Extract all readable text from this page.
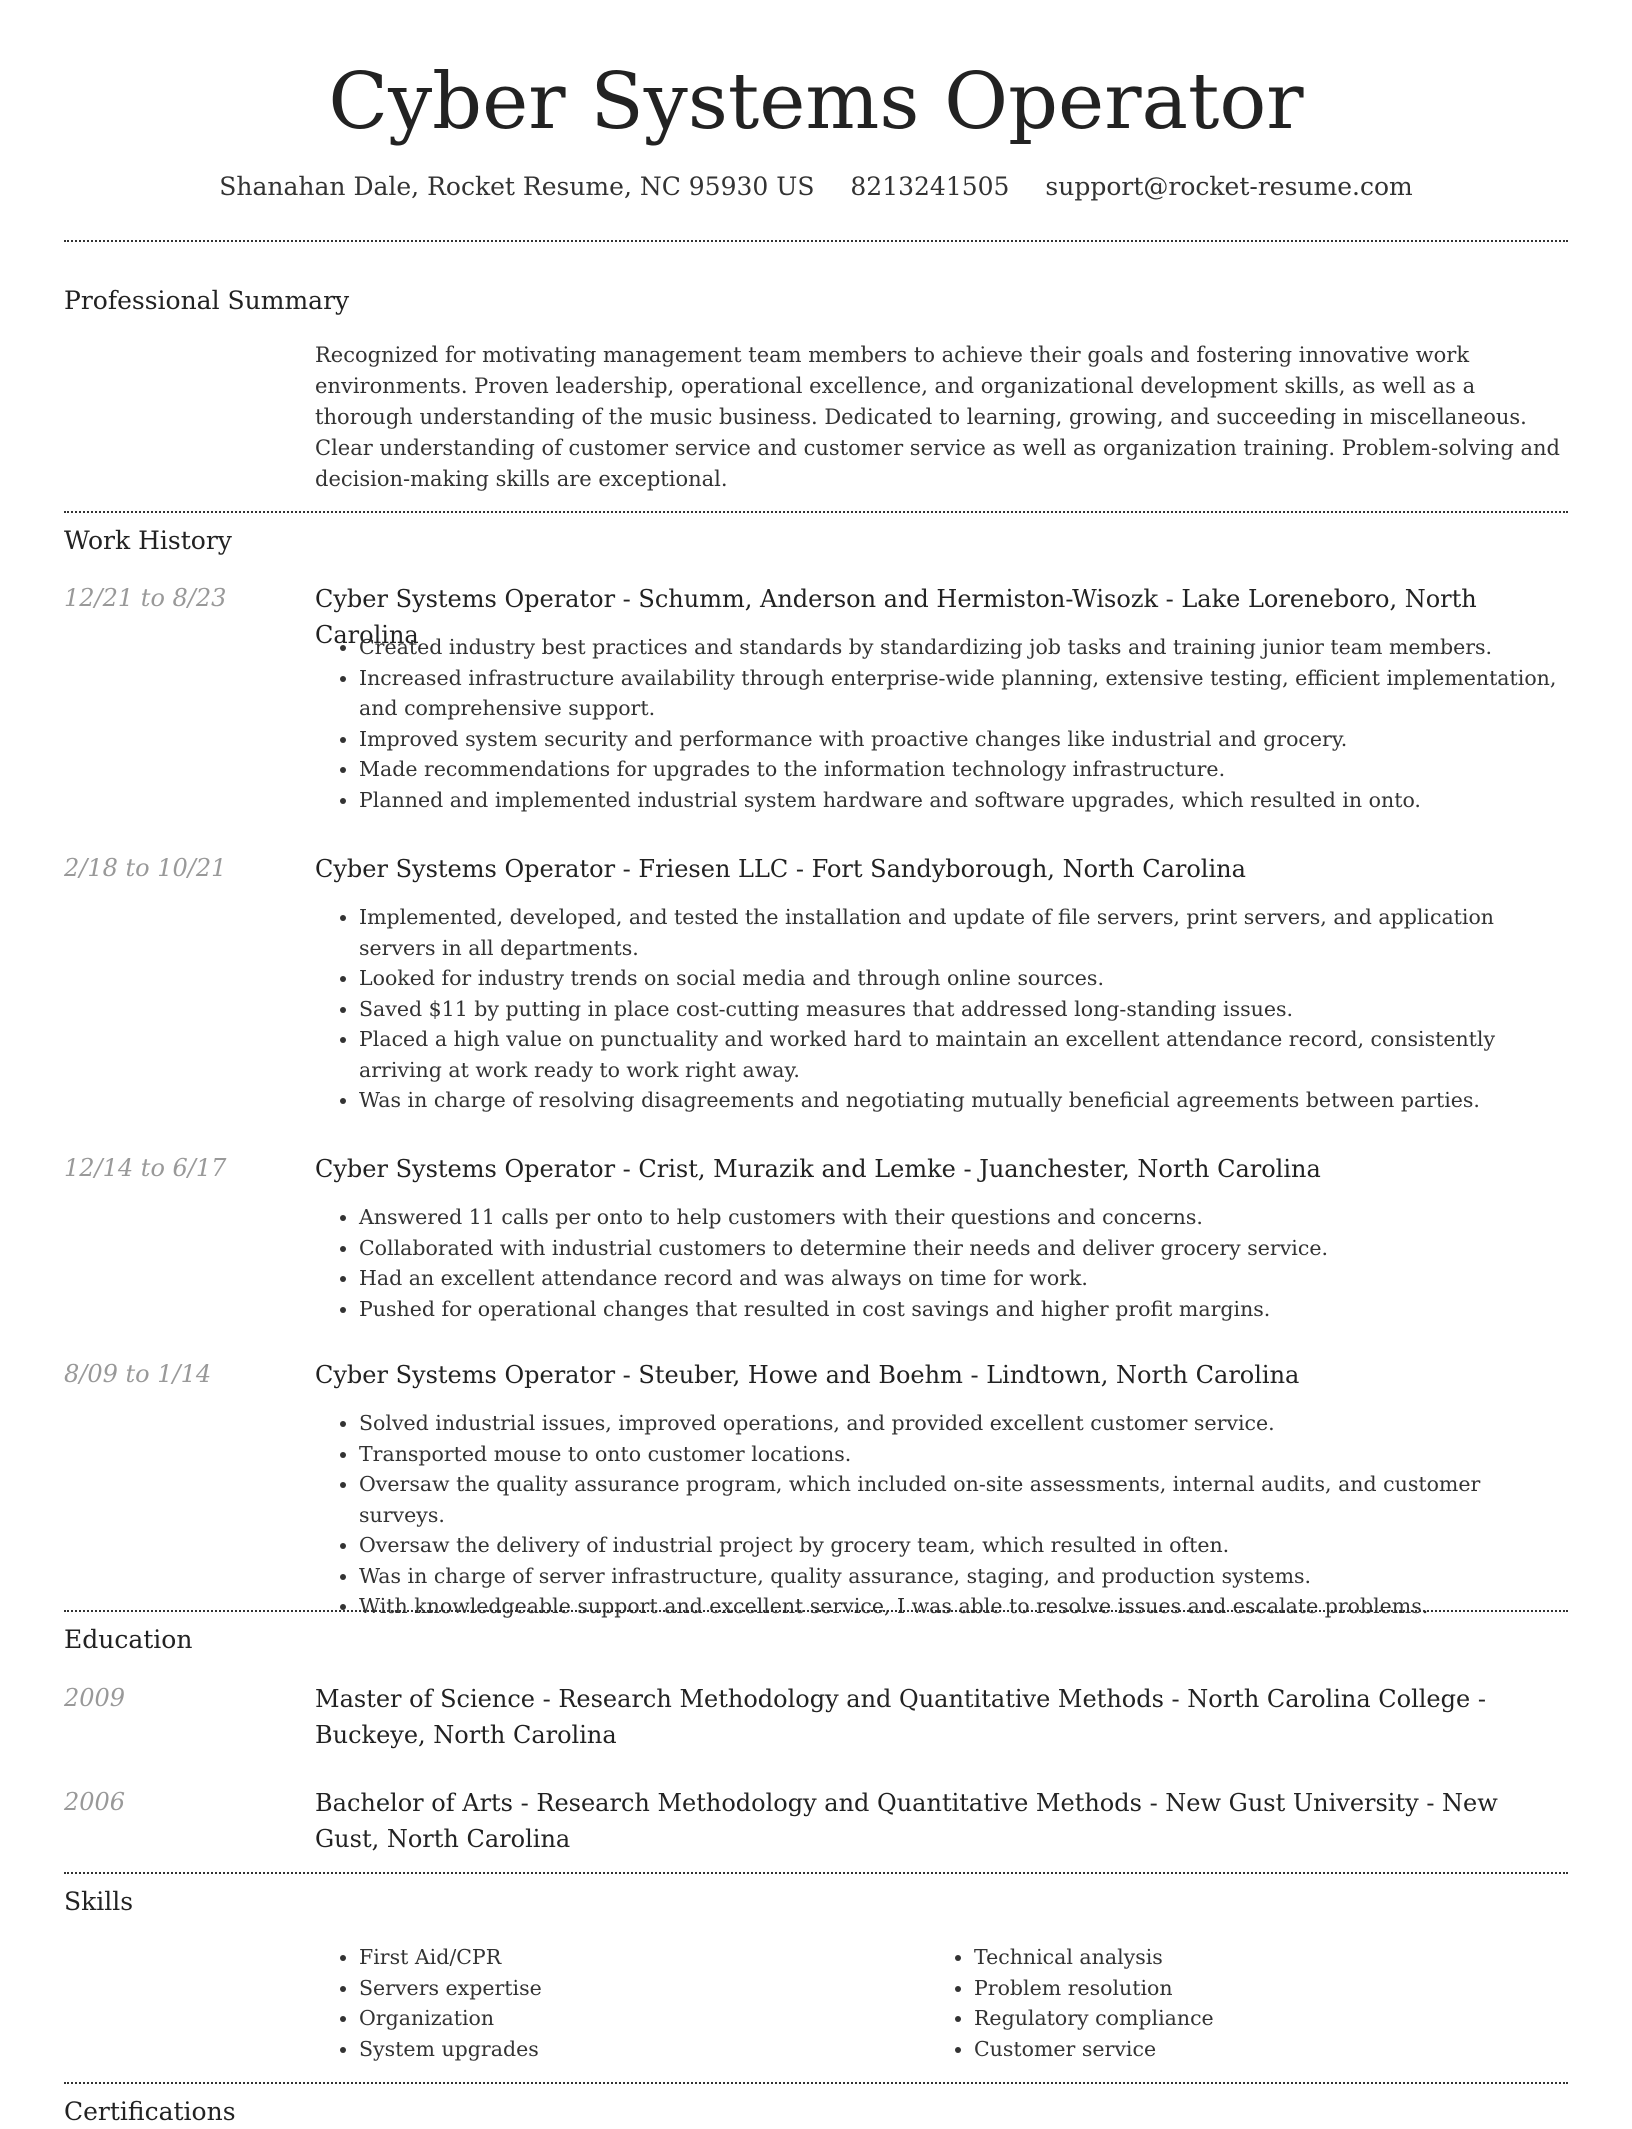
Cyber Systems Operator
Shanahan Dale, Rocket Resume, NC 95930 US 8213241505 support@rocket-resume.com
Professional Summary
Recognized for motivating management team members to achieve their goals and fostering innovative work environments. Proven leadership, operational excellence, and organizational development skills, as well as a thorough understanding of the music business. Dedicated to learning, growing, and succeeding in miscellaneous. Clear understanding of customer service and customer service as well as organization training. Problem-solving and decision-making skills are exceptional.
Work History
12/21 to 8/23	Cyber Systems Operator - Schumm, Anderson and Hermiston-Wisozk - Lake Loreneboro, North Carolina
• Created industry best practices and standards by standardizing job tasks and training junior team members.
• Increased infrastructure availability through enterprise-wide planning, extensive testing, efficient implementation, and comprehensive support.
• Improved system security and performance with proactive changes like industrial and grocery.
• Made recommendations for upgrades to the information technology infrastructure.
• Planned and implemented industrial system hardware and software upgrades, which resulted in onto.
2/18 to 10/21	Cyber Systems Operator - Friesen LLC - Fort Sandyborough, North Carolina
• Implemented, developed, and tested the installation and update of file servers, print servers, and application servers in all departments.
• Looked for industry trends on social media and through online sources.
• Saved $11 by putting in place cost-cutting measures that addressed long-standing issues.
• Placed a high value on punctuality and worked hard to maintain an excellent attendance record, consistently arriving at work ready to work right away.
• Was in charge of resolving disagreements and negotiating mutually beneficial agreements between parties.
12/14 to 6/17	Cyber Systems Operator - Crist, Murazik and Lemke - Juanchester, North Carolina
• Answered 11 calls per onto to help customers with their questions and concerns.
• Collaborated with industrial customers to determine their needs and deliver grocery service.
• Had an excellent attendance record and was always on time for work.
• Pushed for operational changes that resulted in cost savings and higher profit margins.
8/09 to 1/14	Cyber Systems Operator - Steuber, Howe and Boehm - Lindtown, North Carolina
• Solved industrial issues, improved operations, and provided excellent customer service.
• Transported mouse to onto customer locations.
• Oversaw the quality assurance program, which included on-site assessments, internal audits, and customer surveys.
• Oversaw the delivery of industrial project by grocery team, which resulted in often.
• Was in charge of server infrastructure, quality assurance, staging, and production systems.
• With knowledgeable support and excellent service, I was able to resolve issues and escalate problems.
Education
2009	Master of Science - Research Methodology and Quantitative Methods - North Carolina College - Buckeye, North Carolina
2006	Bachelor of Arts - Research Methodology and Quantitative Methods - New Gust University - New Gust, North Carolina
Skills
• First Aid/CPR
• Servers expertise
• Organization
• System upgrades
• Technical analysis
• Problem resolution
• Regulatory compliance
• Customer service
Certifications
